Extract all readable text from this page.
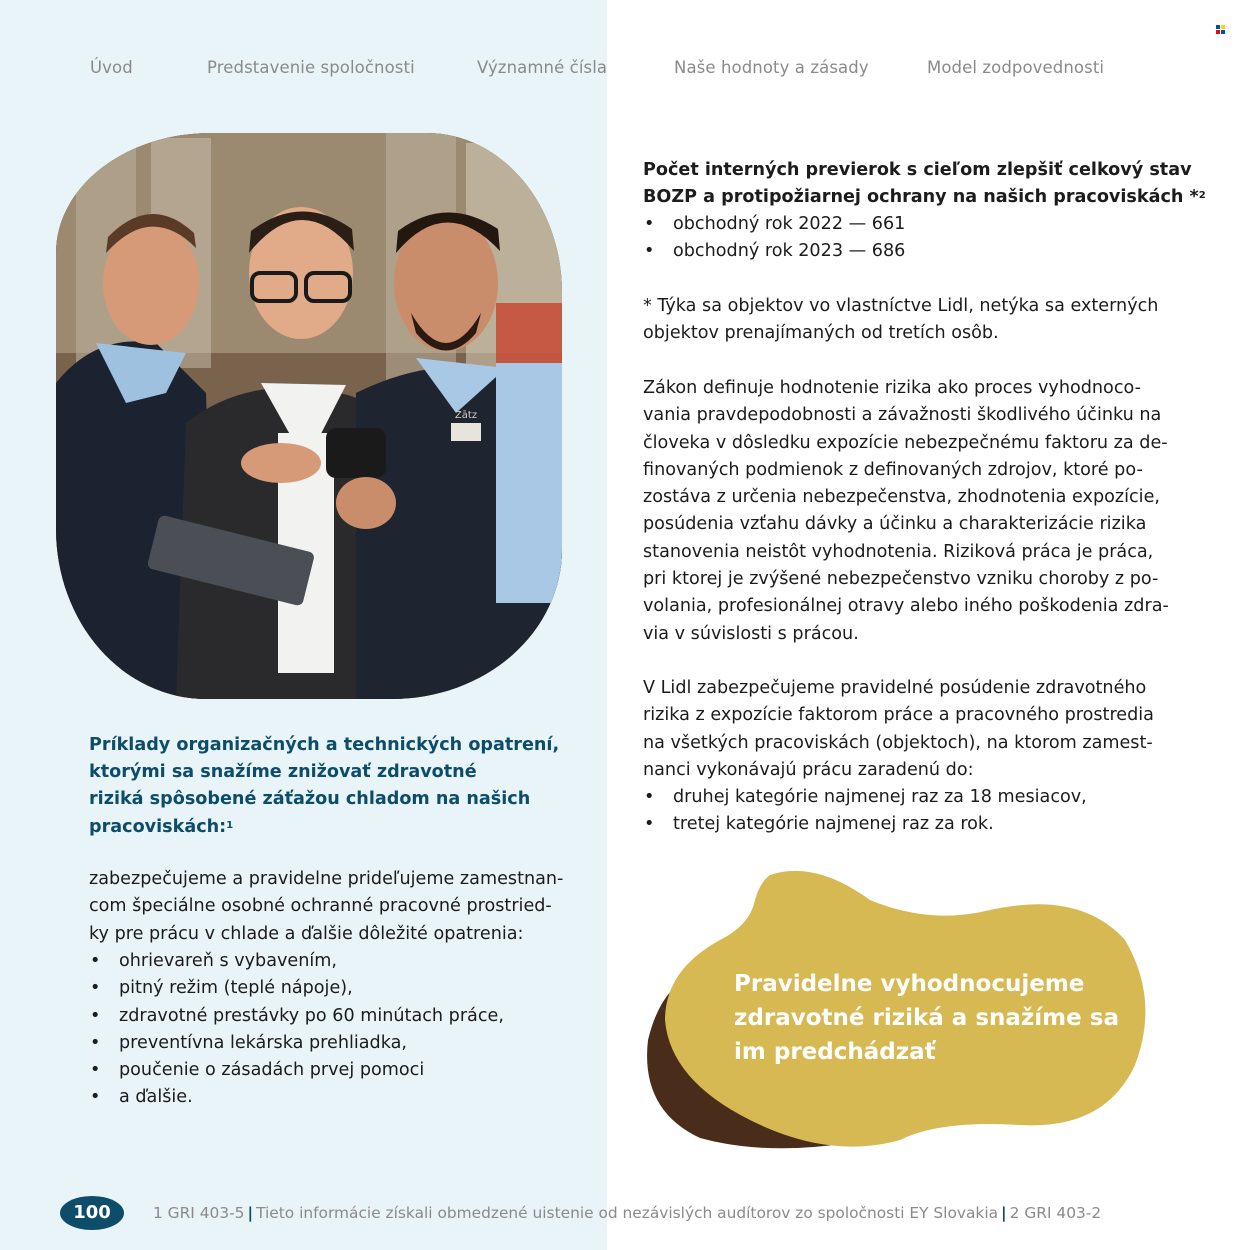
Úvod	Predstavenie spoločnosti	Významné čísla	Naše hodnoty a zásady	Model zodpovednosti
Zātz
Príklady organizačných a technických opatrení,
ktorými sa snažíme znižovať zdravotné
riziká spôsobené záťažou chladom na našich
pracoviskách:$^1$

zabezpečujeme a pravidelne prideľujeme zamestnan-
com špeciálne osobné ochranné pracovné prostried-
ky pre prácu v chlade a ďalšie dôležité opatrenia:

• ohrievareň s vybavením,
• pitný režim (teplé nápoje),
• zdravotné prestávky po 60 minútach práce,
• preventívna lekárska prehliadka,
• poučenie o zásadách prvej pomoci
• a ďalšie.
Počet interných previerok s cieľom zlepšiť celkový stav
BOZP a protipožiarnej ochrany na našich pracoviskách *$^2$
• obchodný rok 2022 — 661
• obchodný rok 2023 — 686

* Týka sa objektov vo vlastníctve Lidl, netýka sa externých
objektov prenajímaných od tretích osôb.

Zákon definuje hodnotenie rizika ako proces vyhodnoco-
vania pravdepodobnosti a závažnosti škodlivého účinku na
človeka v dôsledku expozície nebezpečnému faktoru za de-
finovaných podmienok z definovaných zdrojov, ktoré po-
zostáva z určenia nebezpečenstva, zhodnotenia expozície,
posúdenia vzťahu dávky a účinku a charakterizácie rizika
stanovenia neistôt vyhodnotenia. Riziková práca je práca,
pri ktorej je zvýšené nebezpečenstvo vzniku choroby z po-
volania, profesionálnej otravy alebo iného poškodenia zdra-
via v súvislosti s prácou.

V Lidl zabezpečujeme pravidelné posúdenie zdravotného
rizika z expozície faktorom práce a pracovného prostredia
na všetkých pracoviskách (objektoch), na ktorom zamest-
nanci vykonávajú prácu zaradenú do:

• druhej kategórie najmenej raz za 18 mesiacov,
• tretej kategórie najmenej raz za rok.
Pravidelne vyhodnocujeme
zdravotné riziká a snažíme sa
im predchádzať
100	1 GRI 403-5 | Tieto informácie získali obmedzené uistenie od nezávislých audítorov zo spoločnosti EY Slovakia | 2 GRI 403-2
